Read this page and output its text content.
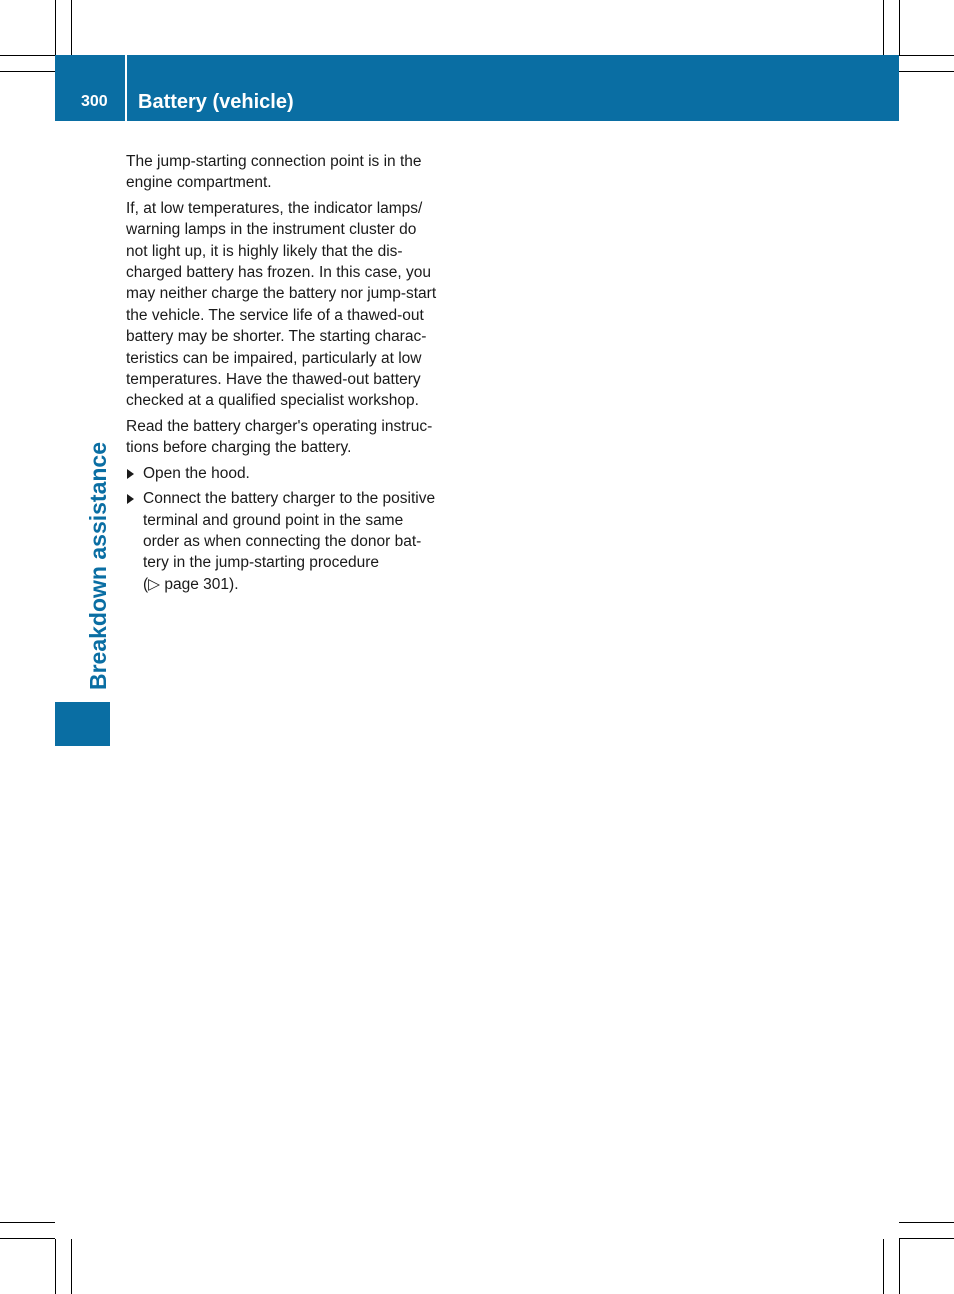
300 Battery (vehicle)
Breakdown assistance

The jump-starting connection point is in the
engine compartment.

If, at low temperatures, the indicator lamps/
warning lamps in the instrument cluster do
not light up, it is highly likely that the dis-
charged battery has frozen. In this case, you
may neither charge the battery nor jump-start
the vehicle. The service life of a thawed-out
battery may be shorter. The starting charac-
teristics can be impaired, particularly at low
temperatures. Have the thawed-out battery
checked at a qualified specialist workshop.

Read the battery charger's operating instruc-
tions before charging the battery.

Open the hood.
Connect the battery charger to the positive
terminal and ground point in the same
order as when connecting the donor bat-
tery in the jump-starting procedure
(▷ page 301).
